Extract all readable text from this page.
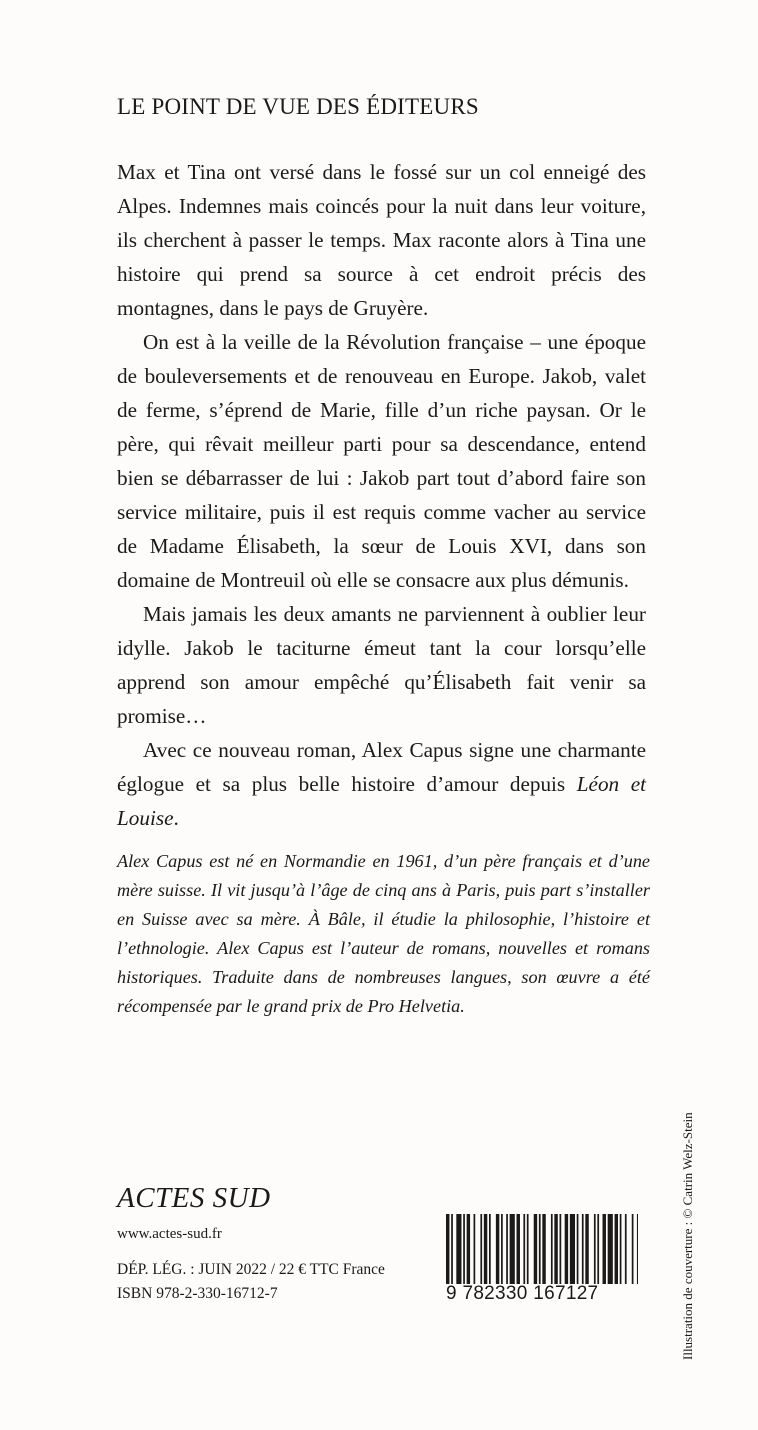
LE POINT DE VUE DES ÉDITEURS

Max et Tina ont versé dans le fossé sur un col enneigé des Alpes. Indemnes mais coincés pour la nuit dans leur voiture, ils cherchent à passer le temps. Max raconte alors à Tina une histoire qui prend sa source à cet endroit précis des montagnes, dans le pays de Gruyère.

On est à la veille de la Révolution française – une époque de bouleversements et de renouveau en Europe. Jakob, valet de ferme, s’éprend de Marie, fille d’un riche paysan. Or le père, qui rêvait meilleur parti pour sa descendance, entend bien se débarrasser de lui : Jakob part tout d’abord faire son service militaire, puis il est requis comme vacher au service de Madame Élisabeth, la sœur de Louis XVI, dans son domaine de Montreuil où elle se consacre aux plus démunis.

Mais jamais les deux amants ne parviennent à oublier leur idylle. Jakob le taciturne émeut tant la cour lorsqu’elle apprend son amour empêché qu’Élisabeth fait venir sa promise…

Avec ce nouveau roman, Alex Capus signe une charmante églogue et sa plus belle histoire d’amour depuis Léon et Louise.

Alex Capus est né en Normandie en 1961, d’un père français et d’une mère suisse. Il vit jusqu’à l’âge de cinq ans à Paris, puis part s’installer en Suisse avec sa mère. À Bâle, il étudie la philosophie, l’histoire et l’ethnologie. Alex Capus est l’auteur de romans, nouvelles et romans historiques. Traduite dans de nombreuses langues, son œuvre a été récompensée par le grand prix de Pro Helvetia.
Illustration de couverture : © Catrin Welz-Stein
ACTES SUD
www.actes-sud.fr
DÉP. LÉG. : JUIN 2022 / 22 € TTC France
ISBN 978-2-330-16712-7	9 782330 167127
